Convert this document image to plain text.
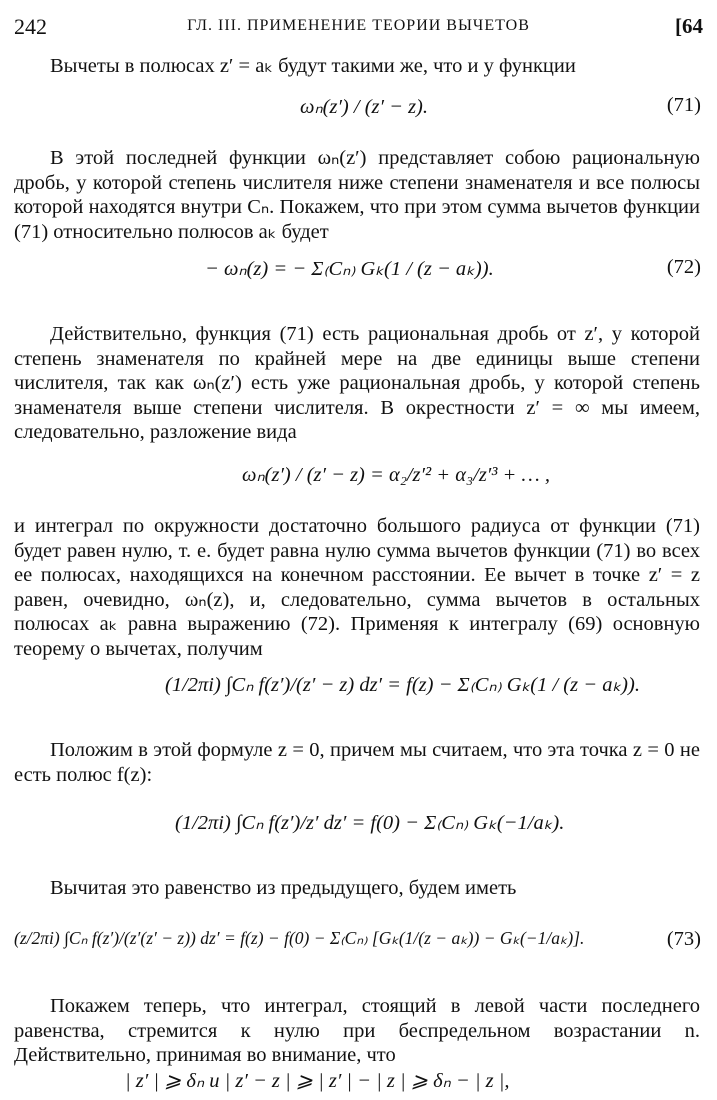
242	ГЛ. III. ПРИМЕНЕНИЕ ТЕОРИИ ВЫЧЕТОВ	[64
Вычеты в полюсах z′ = aₖ будут такими же, что и у функции
ωₙ(z′) / (z′ − z).	(71)
В этой последней функции ωₙ(z′) представляет собою рациональную дробь, у которой степень числителя ниже степени знаменателя и все полюсы которой находятся внутри Cₙ. Покажем, что при этом сумма вычетов функции (71) относительно полюсов aₖ будет
− ωₙ(z) = − Σ₍Cₙ₎ Gₖ(1 / (z − aₖ)).	(72)
Действительно, функция (71) есть рациональная дробь от z′, у которой степень знаменателя по крайней мере на две единицы выше степени числителя, так как ωₙ(z′) есть уже рациональная дробь, у которой степень знаменателя выше степени числителя. В окрестности z′ = ∞ мы имеем, следовательно, разложение вида
ωₙ(z′) / (z′ − z) = α₂/z′² + α₃/z′³ + … ,
и интеграл по окружности достаточно большого радиуса от функции (71) будет равен нулю, т. е. будет равна нулю сумма вычетов функции (71) во всех ее полюсах, находящихся на конечном расстоянии. Ее вычет в точке z′ = z равен, очевидно, ωₙ(z), и, следовательно, сумма вычетов в остальных полюсах aₖ равна выражению (72). Применяя к интегралу (69) основную теорему о вычетах, получим
(1/2πi) ∫Cₙ f(z′)/(z′ − z) dz′ = f(z) − Σ₍Cₙ₎ Gₖ(1 / (z − aₖ)).
Положим в этой формуле z = 0, причем мы считаем, что эта точка z = 0 не есть полюс f(z):
(1/2πi) ∫Cₙ f(z′)/z′ dz′ = f(0) − Σ₍Cₙ₎ Gₖ(−1/aₖ).
Вычитая это равенство из предыдущего, будем иметь
(z/2πi) ∫Cₙ f(z′)/(z′(z′ − z)) dz′ = f(z) − f(0) − Σ₍Cₙ₎ [Gₖ(1/(z − aₖ)) − Gₖ(−1/aₖ)].	(73)
Покажем теперь, что интеграл, стоящий в левой части последнего равенства, стремится к нулю при беспредельном возрастании n. Действительно, принимая во внимание, что
| z′ | ⩾ δₙ и | z′ − z | ⩾ | z′ | − | z | ⩾ δₙ − | z |,
